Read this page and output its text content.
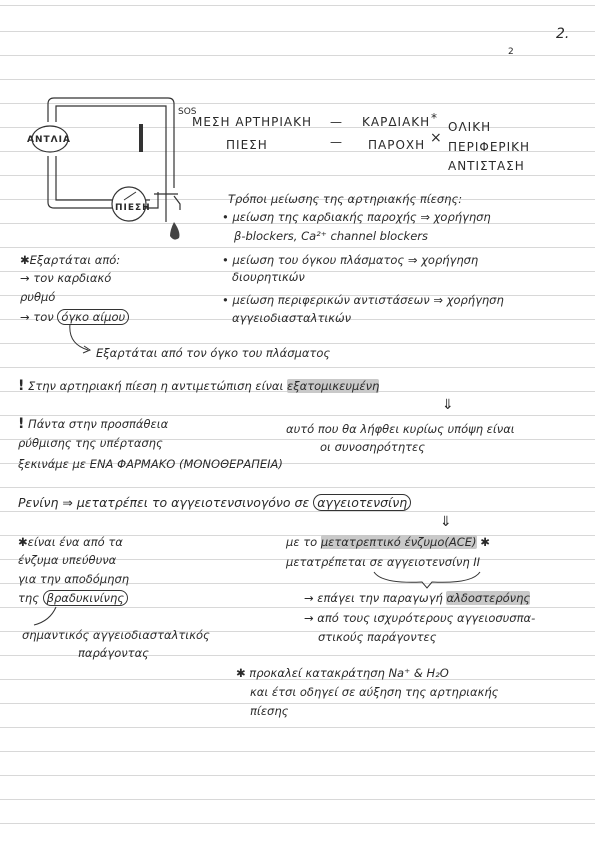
2.
2
ΑΝΤΛΙΑ
ΠΙΕΣΗ
SOS
ΜΕΣΗ ΑΡΤΗΡΙΑΚΗ
ΠΙΕΣΗ
—
—
ΚΑΡΔΙΑΚΗ *
ΠΑΡΟΧΗ ×
ΟΛΙΚΗ
ΠΕΡΙΦΕΡΙΚΗ
ΑΝΤΙΣΤΑΣΗ
Τρόποι μείωσης της αρτηριακής πίεσης:
• μείωση της καρδιακής παροχής ⇒ χορήγηση
β-blockers, Ca²⁺ channel blockers
• μείωση του όγκου πλάσματος ⇒ χορήγηση
διουρητικών
• μείωση περιφερικών αντιστάσεων ⇒ χορήγηση
αγγειοδιασταλτικών
✱Εξαρτάται από:
→ τον καρδιακό
ρυθμό
→ τον όγκο αίμου
Εξαρτάται από τον όγκο του πλάσματος
! Στην αρτηριακή πίεση η αντιμετώπιση είναι εξατομικευμένη
⇓
! Πάντα στην προσπάθεια
ρύθμισης της υπέρτασης
ξεκινάμε με ΕΝΑ ΦΑΡΜΑΚΟ (ΜΟΝΟΘΕΡΑΠΕΙΑ)
αυτό που θα λήφθει κυρίως υπόψη είναι
οι συνοσηρότητες
Ρενίνη ⇒ μετατρέπει το αγγειοτενσινογόνο σε αγγειοτενσίνη
⇓
με το μετατρεπτικό ένζυμο(ACE) ✱
μετατρέπεται σε αγγειοτενσίνη ΙΙ
✱είναι ένα από τα
ένζυμα υπεύθυνα
για την αποδόμηση
της βραδυκινίνης
σημαντικός αγγειοδιασταλτικός
παράγοντας
→ επάγει την παραγωγή αλδοστερόνης
→ από τους ισχυρότερους αγγειοσυσπα-
στικούς παράγοντες
✱ προκαλεί κατακράτηση Na⁺ & H₂O
και έτσι οδηγεί σε αύξηση της αρτηριακής
πίεσης
